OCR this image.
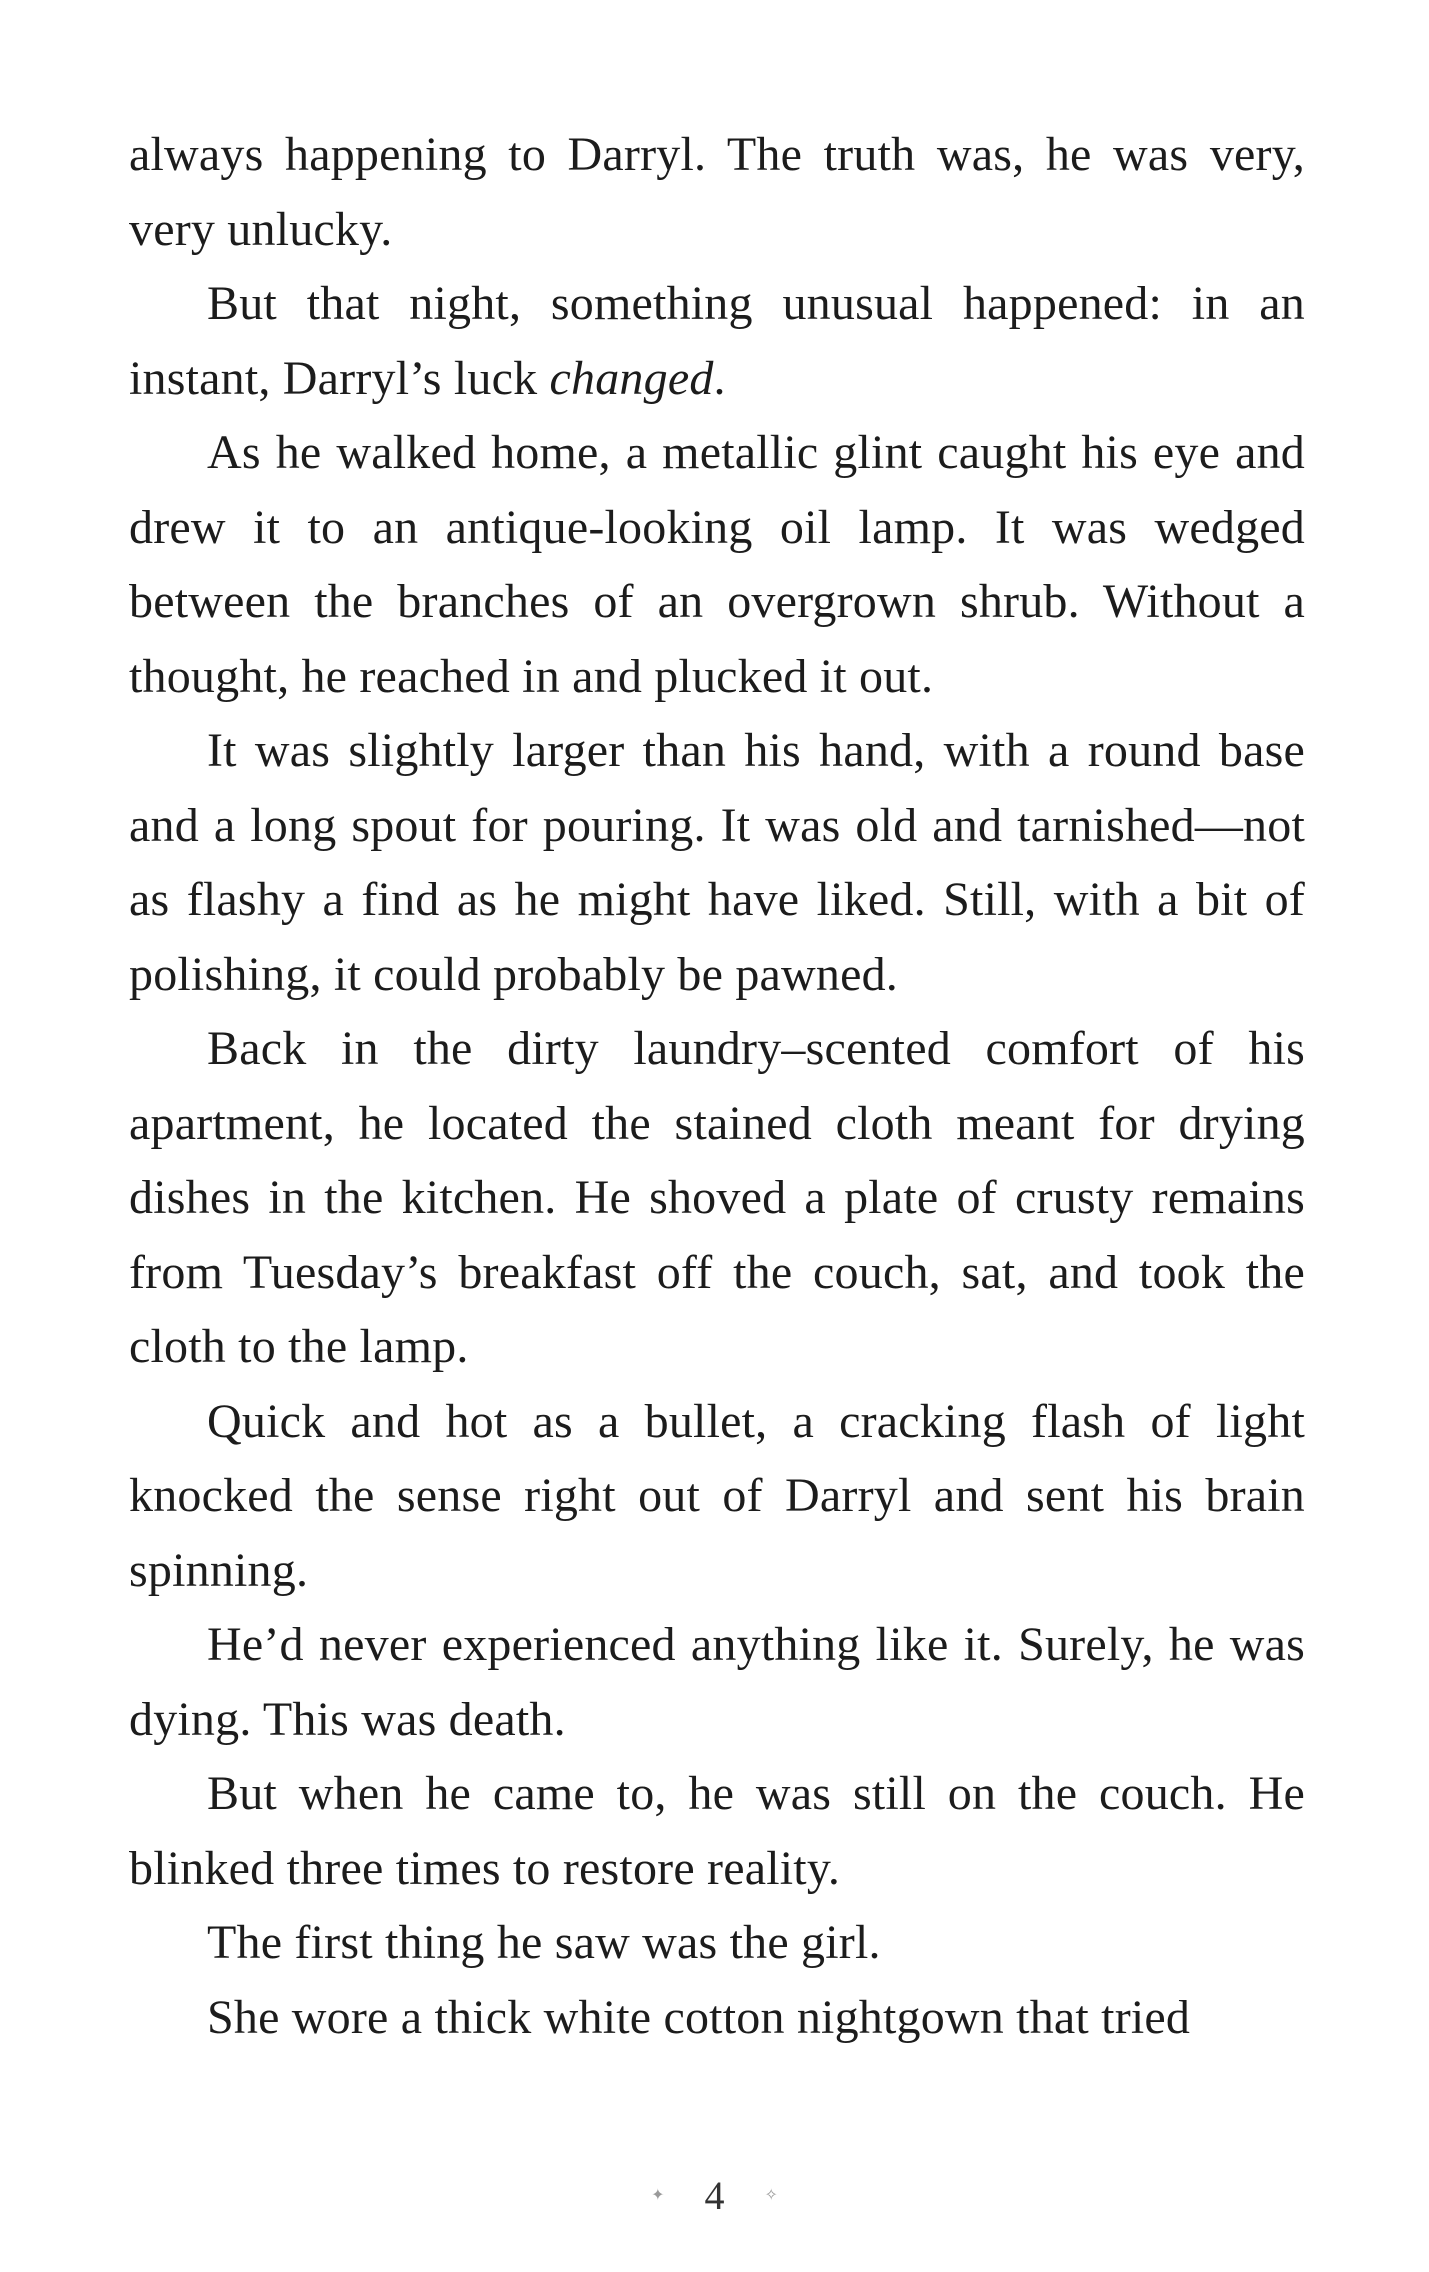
always happening to Darryl. The truth was, he was very, very unlucky.

But that night, something unusual happened: in an instant, Darryl’s luck changed.

As he walked home, a metallic glint caught his eye and drew it to an antique-looking oil lamp. It was wedged between the branches of an overgrown shrub. Without a thought, he reached in and plucked it out.

It was slightly larger than his hand, with a round base and a long spout for pouring. It was old and tarnished—not as flashy a find as he might have liked. Still, with a bit of polishing, it could probably be pawned.

Back in the dirty laundry–scented comfort of his apartment, he located the stained cloth meant for drying dishes in the kitchen. He shoved a plate of crusty remains from Tuesday’s breakfast off the couch, sat, and took the cloth to the lamp.

Quick and hot as a bullet, a cracking flash of light knocked the sense right out of Darryl and sent his brain spinning.

He’d never experienced anything like it. Surely, he was dying. This was death.

But when he came to, he was still on the couch. He blinked three times to restore reality.

The first thing he saw was the girl.

She wore a thick white cotton nightgown that tried

✦ 4	✧
